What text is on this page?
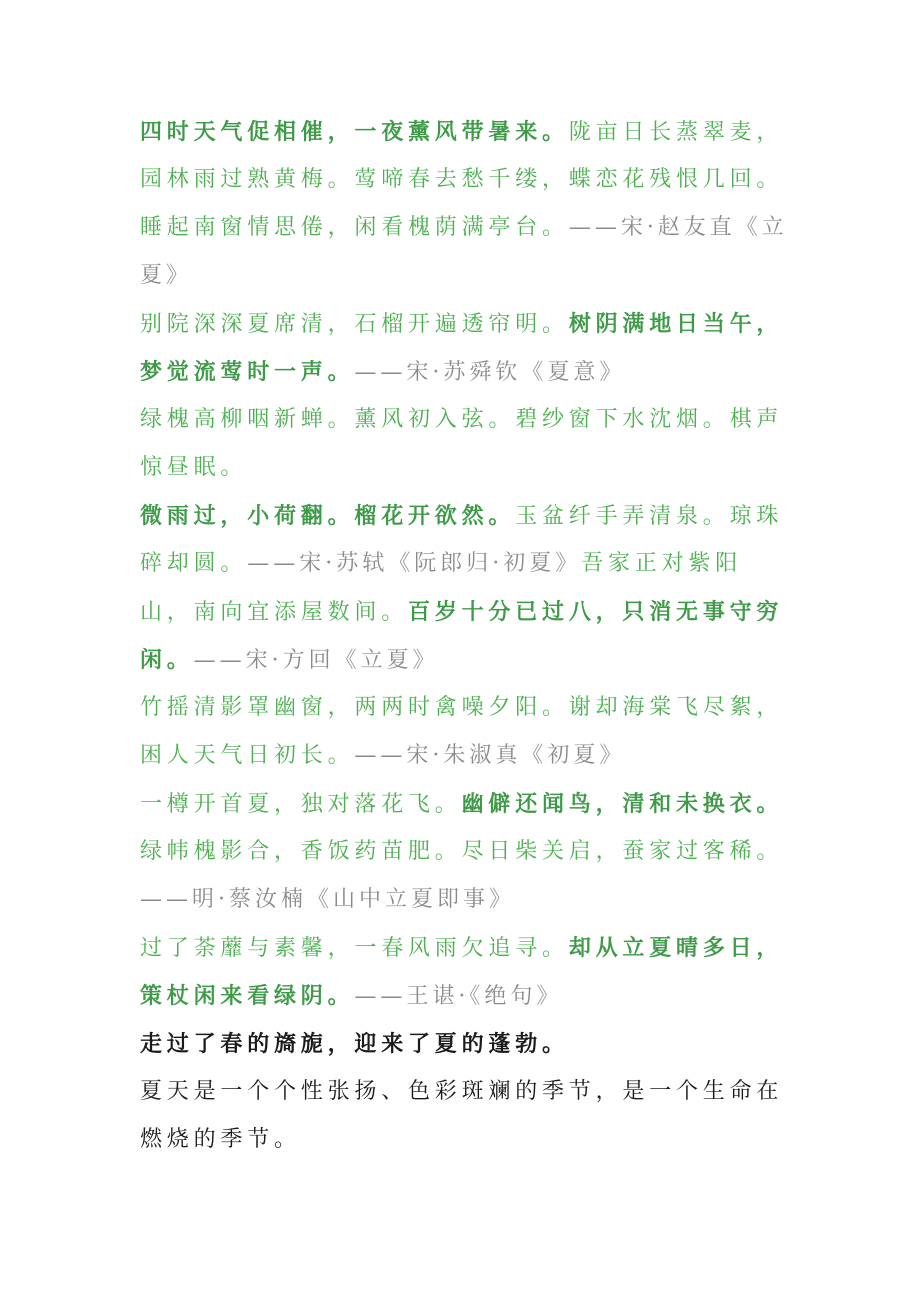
四时天气促相催，一夜薰风带暑来。陇亩日长蒸翠麦，
园林雨过熟黄梅。莺啼春去愁千缕，蝶恋花残恨几回。
睡起南窗情思倦，闲看槐荫满亭台。——宋·赵友直《立
夏》
别院深深夏席清，石榴开遍透帘明。树阴满地日当午，
梦觉流莺时一声。——宋·苏舜钦《夏意》
绿槐高柳咽新蝉。薰风初入弦。碧纱窗下水沈烟。棋声
惊昼眠。
微雨过，小荷翻。榴花开欲然。玉盆纤手弄清泉。琼珠
碎却圆。——宋·苏轼《阮郎归·初夏》吾家正对紫阳
山，南向宜添屋数间。百岁十分已过八，只消无事守穷
闲。——宋·方回《立夏》
竹摇清影罩幽窗，两两时禽噪夕阳。谢却海棠飞尽絮，
困人天气日初长。——宋·朱淑真《初夏》
一樽开首夏，独对落花飞。幽僻还闻鸟，清和未换衣。
绿帏槐影合，香饭药苗肥。尽日柴关启，蚕家过客稀。
——明·蔡汝楠《山中立夏即事》
过了荼蘼与素馨，一春风雨欠追寻。却从立夏晴多日，
策杖闲来看绿阴。——王谌·《绝句》
走过了春的旖旎，迎来了夏的蓬勃。
夏天是一个个性张扬、色彩斑斓的季节，是一个生命在
燃烧的季节。
